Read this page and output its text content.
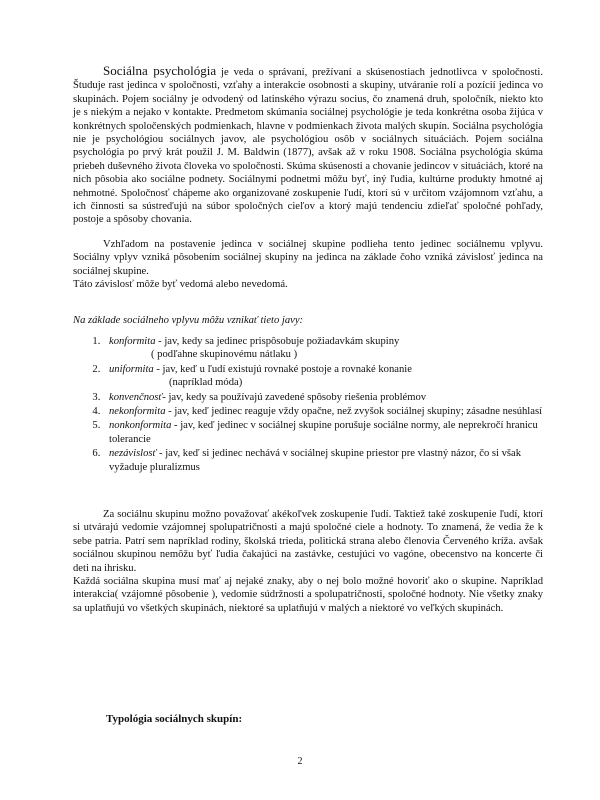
Sociálna psychológia je veda o správaní, prežívaní a skúsenostiach jednotlivca v spoločnosti. Študuje rast jedinca v spoločnosti, vzťahy a interakcie osobnosti a skupiny, utváranie rolí a pozícií jedinca vo skupinách. Pojem sociálny je odvodený od latinského výrazu socius, čo znamená druh, spoločník, niekto kto je s niekým a nejako v kontakte. Predmetom skúmania sociálnej psychológie je teda konkrétna osoba žijúca v konkrétnych spoločenských podmienkach, hlavne v podmienkach života malých skupín. Sociálna psychológia nie je psychológiou sociálnych javov, ale psychológiou osôb v sociálnych situáciách. Pojem sociálna psychológia po prvý krát použil J. M. Baldwin (1877), avšak až v roku 1908. Sociálna psychológia skúma priebeh duševného života človeka vo spoločnosti. Skúma skúsenosti a chovanie jedincov v situáciách, ktoré na nich pôsobia ako sociálne podnety. Sociálnymi podnetmi môžu byť, iný ľudia, kultúrne produkty hmotné aj nehmotné. Spoločnosť chápeme ako organizované zoskupenie ľudí, ktorí sú v určitom vzájomnom vzťahu, a ich činnosti sa sústreďujú na súbor spoločných cieľov a ktorý majú tendenciu zdieľať spoločné pohľady, postoje a spôsoby chovania.

Vzhľadom na postavenie jedinca v sociálnej skupine podlieha tento jedinec sociálnemu vplyvu. Sociálny vplyv vzniká pôsobením sociálnej skupiny na jedinca na základe čoho vzniká závislosť jedinca na sociálnej skupine.

Táto závislosť môže byť vedomá alebo nevedomá.

Na základe sociálneho vplyvu môžu vznikať tieto javy:

1. konformita - jav, kedy sa jedinec prispôsobuje požiadavkám skupiny
( podľahne skupinovému nátlaku )
2. uniformita - jav, keď u ľudí existujú rovnaké postoje a rovnaké konanie
(napríklad móda)
3. konvenčnosť- jav, kedy sa používajú zavedené spôsoby riešenia problémov
4. nekonformita - jav, keď jedinec reaguje vždy opačne, než zvyšok sociálnej skupiny; zásadne nesúhlasí
5. nonkonformita - jav, keď jedinec v sociálnej skupine porušuje sociálne normy, ale neprekročí hranicu tolerancie
6. nezávislosť - jav, keď si jedinec nechává v sociálnej skupine priestor pre vlastný názor, čo si však vyžaduje pluralizmus

Za sociálnu skupinu možno považovať akékoľvek zoskupenie ľudí. Taktiež také zoskupenie ľudí, ktorí si utvárajú vedomie vzájomnej spolupatričnosti a majú spoločné ciele a hodnoty. To znamená, že vedia že k sebe patria. Patrí sem napríklad rodiny, školská trieda, politická strana alebo členovia Červeného kríža. avšak sociálnou skupinou nemôžu byť ľudia čakajúci na zastávke, cestujúci vo vagóne, obecenstvo na koncerte či deti na ihrisku.

Každá sociálna skupina musí mať aj nejaké znaky, aby o nej bolo možné hovoriť ako o skupine. Napríklad interakcia( vzájomné pôsobenie ), vedomie súdržnosti a spolupatričnosti, spoločné hodnoty. Nie všetky znaky sa uplatňujú vo všetkých skupinách, niektoré sa uplatňujú v malých a niektoré vo veľkých skupinách.

Typológia sociálnych skupín:

2
